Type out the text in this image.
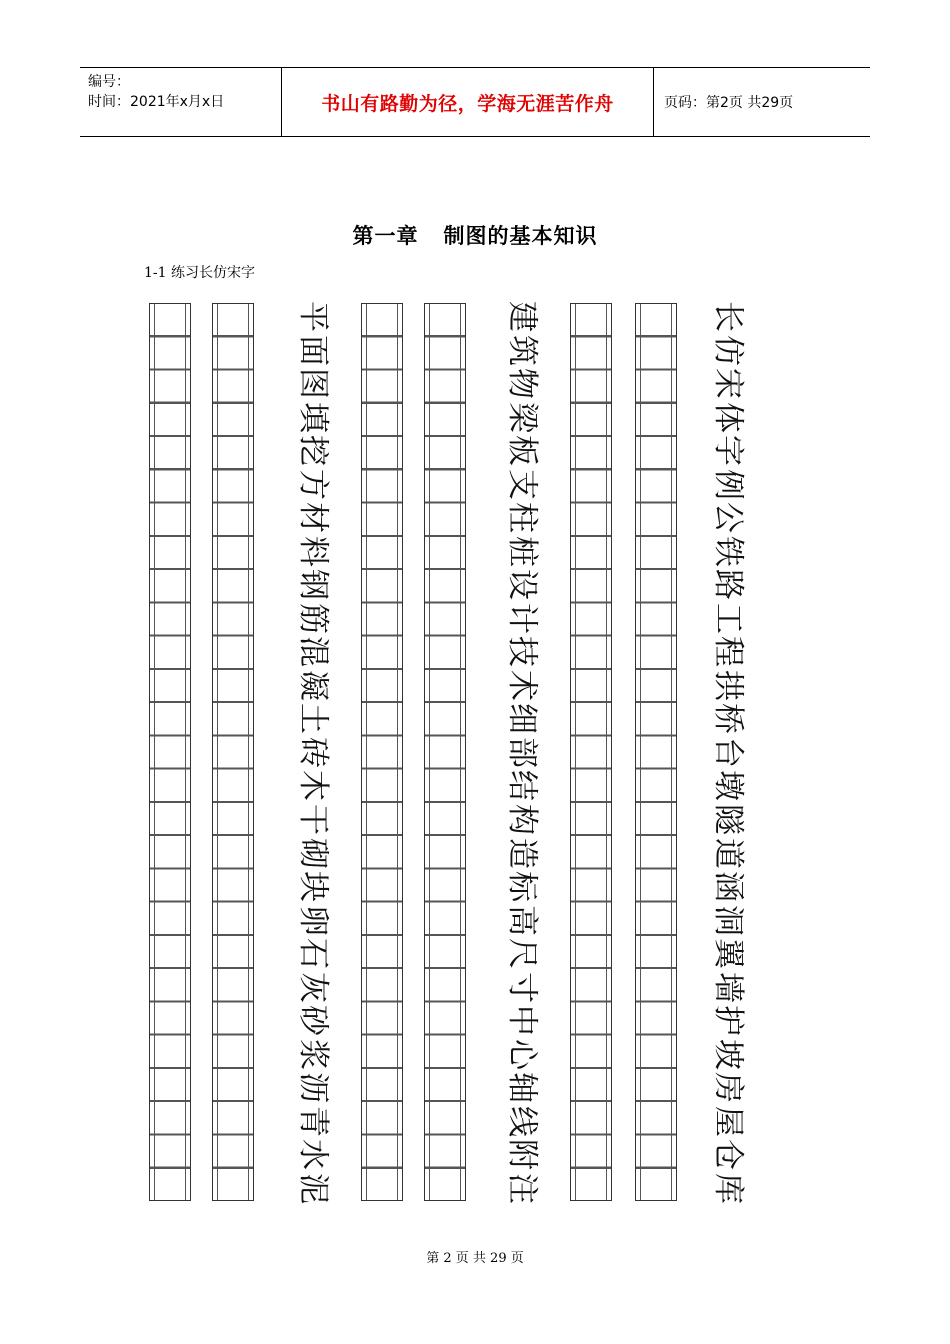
编号：
时间：2021年x月x日	书山有路勤为径，学海无涯苦作舟	页码：第2页 共29页
第一章   制图的基本知识
1-1 练习长仿宋字
长
仿
宋
体
字
例
公
铁
路
工
程
拱
桥
台
墩
隧
道
涵
洞
翼
墙
护
坡
房
屋
仓
库
建
筑
物
梁
板
支
柱
桩
设
计
技
术
细
部
结
构
造
标
高
尺
寸
中
心
轴
线
附
注
平
面
图
填
挖
方
材
料
钢
筋
混
凝
土
砖
木
干
砌
块
卵
石
灰
砂
浆
沥
青
水
泥
第 2 页 共 29 页
